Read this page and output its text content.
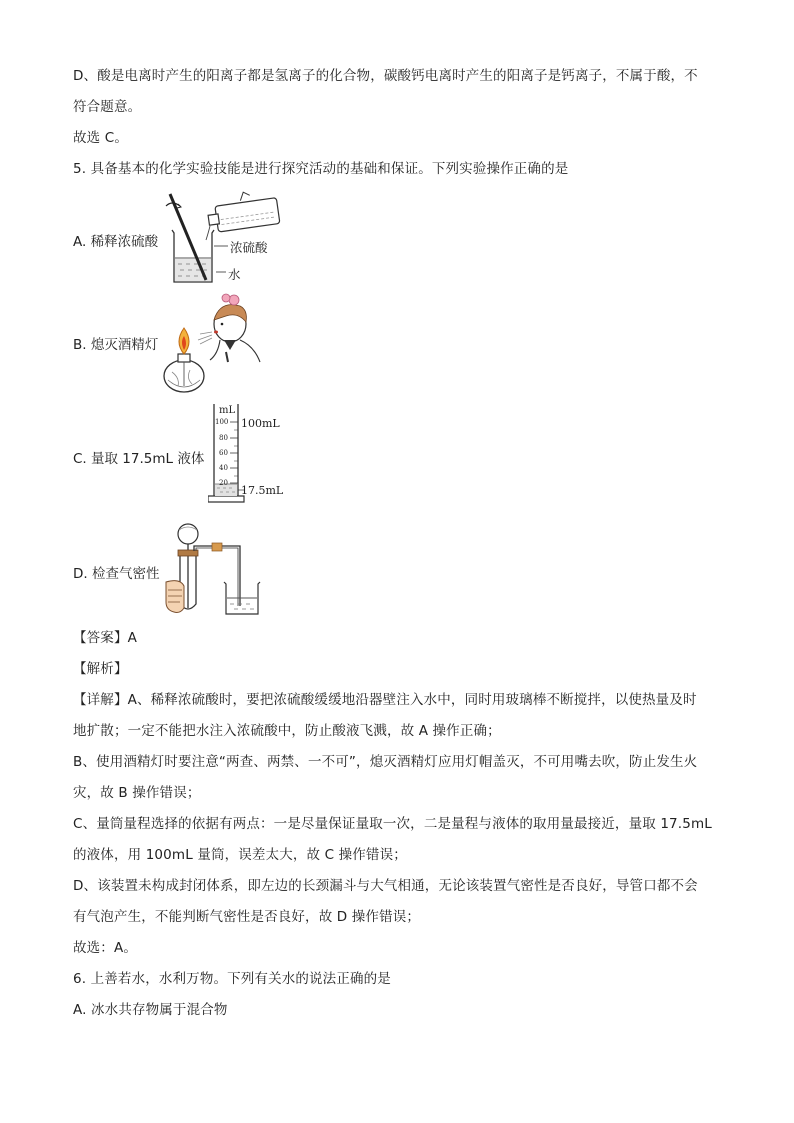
D、酸是电离时产生的阳离子都是氢离子的化合物，碳酸钙电离时产生的阳离子是钙离子，不属于酸，不
符合题意。
故选 C。
5. 具备基本的化学实验技能是进行探究活动的基础和保证。下列实验操作正确的是
A. 稀释浓硫酸	浓硫酸
水
B. 熄灭酒精灯
C. 量取 17.5mL 液体
mL
100mL
100
80
60
40
20
17.5mL
D. 检查气密性
【答案】A
【解析】
【详解】A、稀释浓硫酸时，要把浓硫酸缓缓地沿器壁注入水中，同时用玻璃棒不断搅拌，以使热量及时
地扩散；一定不能把水注入浓硫酸中，防止酸液飞溅，故 A 操作正确；
B、使用酒精灯时要注意“两查、两禁、一不可”，熄灭酒精灯应用灯帽盖灭，不可用嘴去吹，防止发生火
灾，故 B 操作错误；
C、量筒量程选择的依据有两点：一是尽量保证量取一次，二是量程与液体的取用量最接近，量取 17.5mL
的液体，用 100mL 量筒，误差太大，故 C 操作错误；
D、该装置未构成封闭体系，即左边的长颈漏斗与大气相通，无论该装置气密性是否良好，导管口都不会
有气泡产生，不能判断气密性是否良好，故 D 操作错误；
故选：A。
6. 上善若水，水利万物。下列有关水的说法正确的是
A. 冰水共存物属于混合物
